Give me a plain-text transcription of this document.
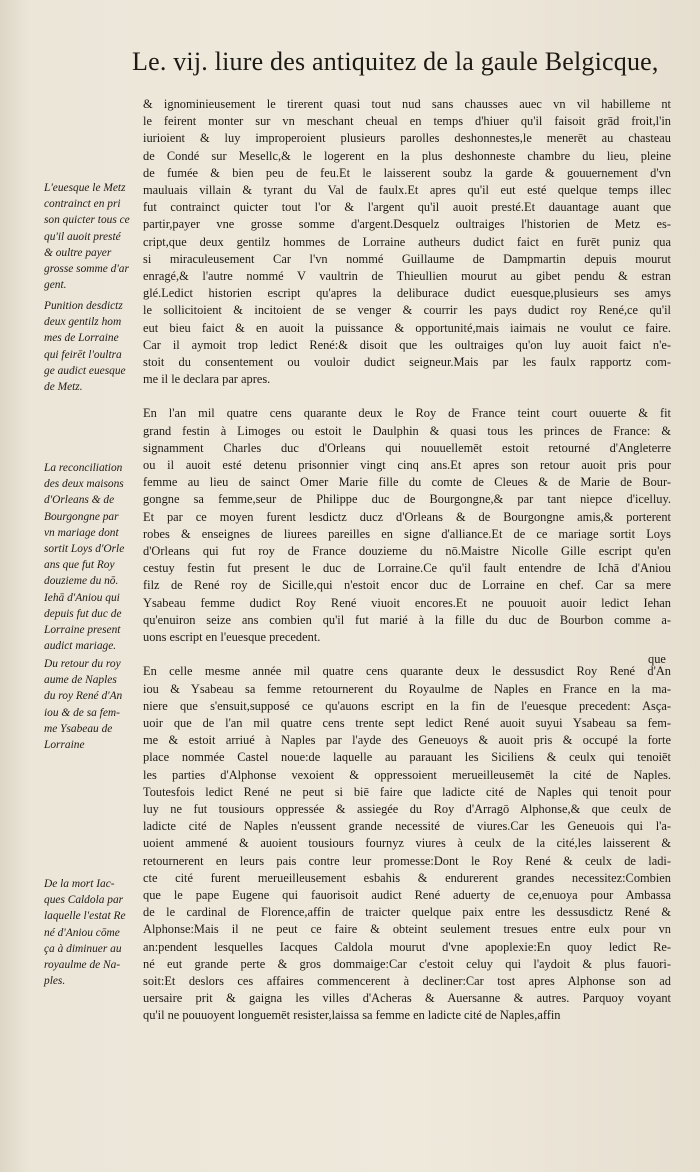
Le. vij. liure des antiquitez de la gaule Belgicque,
& ignominieusement le tirerent quasi tout nud sans chausses auec vn vil habilleme nt
le feirent monter sur vn meschant cheual en temps d'hiuer qu'il faisoit grād froit,l'in
iurioient & luy improperoient plusieurs parolles deshonnestes,le menerēt au chasteau
de Condé sur Mesellc,& le logerent en la plus deshonneste chambre du lieu, pleine
de fumée & bien peu de feu.Et le laisserent soubz la garde & gouuernement d'vn
mauluais villain & tyrant du Val de faulx.Et apres qu'il eut esté quelque temps illec
fut contrainct quicter tout l'or & l'argent qu'il auoit presté.Et dauantage auant que
partir,payer vne grosse somme d'argent.Desquelz oultraiges l'historien de Metz es-
cript,que deux gentilz hommes de Lorraine autheurs dudict faict en furēt puniz qua
si miraculeusement Car l'vn nommé Guillaume de Dampmartin depuis mourut
enragé,& l'autre nommé V vaultrin de Thieullien mourut au gibet pendu & estran
glé.Ledict historien escript qu'apres la deliburace dudict euesque,plusieurs ses amys
le sollicitoient & incitoient de se venger & courrir les pays dudict roy René,ce qu'il
eut bieu faict & en auoit la puissance & opportunité,mais iaimais ne voulut ce faire.
Car il aymoit trop ledict René:& disoit que les oultraiges qu'on luy auoit faict n'e-
stoit du consentement ou vouloir dudict seigneur.Mais par les faulx rapportz com-
me il le declara par apres.
En l'an mil quatre cens quarante deux le Roy de France teint court ouuerte & fit
grand festin à Limoges ou estoit le Daulphin & quasi tous les princes de France: &
signamment Charles duc d'Orleans qui nouuellemēt estoit retourné d'Angleterre
ou il auoit esté detenu prisonnier vingt cinq ans.Et apres son retour auoit pris pour
femme au lieu de sainct Omer Marie fille du comte de Cleues & de Marie de Bour-
gongne sa femme,seur de Philippe duc de Bourgongne,& par tant niepce d'icelluy.
Et par ce moyen furent lesdictz ducz d'Orleans & de Bourgongne amis,& porterent
robes & enseignes de liurees pareilles en signe d'alliance.Et de ce mariage sortit Loys
d'Orleans qui fut roy de France douzieme du nō.Maistre Nicolle Gille escript qu'en
cestuy festin fut present le duc de Lorraine.Ce qu'il fault entendre de Ichā d'Aniou
filz de René roy de Sicille,qui n'estoit encor duc de Lorraine en chef. Car sa mere
Ysabeau femme dudict Roy René viuoit encores.Et ne pouuoit auoir ledict Iehan
qu'enuiron seize ans combien qu'il fut marié à la fille du duc de Bourbon comme a-
uons escript en l'euesque precedent.
En celle mesme année mil quatre cens quarante deux le dessusdict Roy René d'An
iou & Ysabeau sa femme retournerent du Royaulme de Naples en France en la ma-
niere que s'ensuit,supposé ce qu'auons escript en la fin de l'euesque precedent: Asça-
uoir que de l'an mil quatre cens trente sept ledict René auoit suyui Ysabeau sa fem-
me & estoit arriué à Naples par l'ayde des Geneuoys & auoit pris & occupé la forte
place nommée Castel noue:de laquelle au parauant les Siciliens & ceulx qui tenoiēt
les parties d'Alphonse vexoient & oppressoient merueilleusemēt la cité de Naples.
Toutesfois ledict René ne peut si biē faire que ladicte cité de Naples qui tenoit pour
luy ne fut tousiours oppressée & assiegée du Roy d'Arragō Alphonse,& que ceulx de
ladicte cité de Naples n'eussent grande necessité de viures.Car les Geneuois qui l'a-
uoient ammené & auoient tousiours fournyz viures à ceulx de la cité,les laisserent &
retournerent en leurs pais contre leur promesse:Dont le Roy René & ceulx de ladi-
cte cité furent merueilleusement esbahis & endurerent grandes necessitez:Combien
que le pape Eugene qui fauorisoit audict René aduerty de ce,enuoya pour Ambassa
de le cardinal de Florence,affin de traicter quelque paix entre les dessusdictz René &
Alphonse:Mais il ne peut ce faire & obteint seulement tresues entre eulx pour vn
an:pendent lesquelles Iacques Caldola mourut d'vne apoplexie:En quoy ledict Re-
né eut grande perte & gros dommaige:Car c'estoit celuy qui l'aydoit & plus fauori-
soit:Et deslors ces affaires commencerent à decliner:Car tost apres Alphonse son ad
uersaire prit & gaigna les villes d'Acheras & Auersanne & autres. Parquoy voyant
qu'il ne pouuoyent longuemēt resister,laissa sa femme en ladicte cité de Naples,affin
que
L'euesque le Metz
contrainct en pri
son quicter tous ce
qu'il auoit presté
& oultre payer
grosse somme d'ar
gent.
Punition desdictz
deux gentilz hom
mes de Lorraine
qui feirēt l'oultra
ge audict euesque
de Metz.
La reconciliation
des deux maisons
d'Orleans & de
Bourgongne par
vn mariage dont
sortit Loys d'Orle
ans que fut Roy
douzieme du nō.
Iehā d'Aniou qui
depuis fut duc de
Lorraine present
audict mariage.
Du retour du roy
aume de Naples
du roy René d'An
iou & de sa fem-
me Ysabeau de
Lorraine
De la mort Iac-
ques Caldola par
laquelle l'estat Re
né d'Aniou cōme
ça à diminuer au
royaulme de Na-
ples.
